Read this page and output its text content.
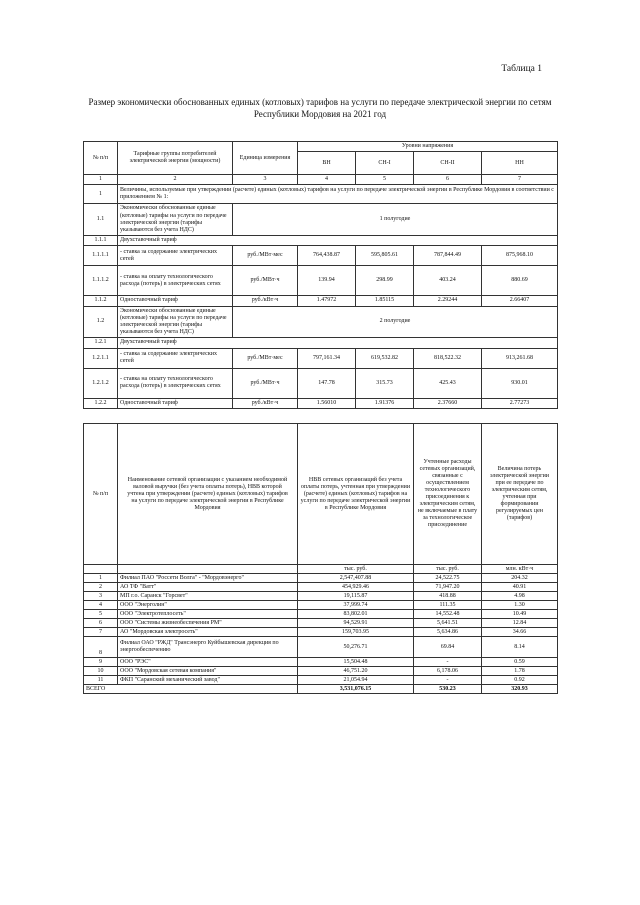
Таблица 1
Размер экономически обоснованных единых (котловых) тарифов на услуги по передаче электрической энергии по сетям Республики Мордовия на 2021 год
№ п/п	Тарифные группы потребителей электрической энергии (мощности)	Единица измерения	Уровни напряжения			
			ВН	СН-I	СН-II	НН
1	2	3	4	5	6	7
1	Величины, используемые при утверждении (расчете) единых (котловых) тарифов на услуги по передаче электрической энергии в Республике Мордовия в соответствии с приложением № 1:					
1.1	Экономически обоснованные единые (котловые) тарифы на услуги по передаче электрической энергии (тарифы указываются без учета НДС)	1 полугодие				
1.1.1	Двухставочный тариф					
1.1.1.1	- ставка за содержание электрических сетей	руб./МВт·мес	764,438.87	595,805.61	787,844.49	875,968.10
1.1.1.2	- ставка на оплату технологического расхода (потерь) в электрических сетях	руб./МВт·ч	139.94	298.99	403.24	880.69
1.1.2	Одноставочный тариф	руб./кВт·ч	1.47972	1.85115	2.29244	2.66407
1.2	Экономически обоснованные единые (котловые) тарифы на услуги по передаче электрической энергии (тарифы указываются без учета НДС)	2 полугодие				
1.2.1	Двухставочный тариф					
1.2.1.1	- ставка за содержание электрических сетей	руб./МВт·мес	797,161.34	619,532.82	818,522.32	913,261.68
1.2.1.2	- ставка на оплату технологического расхода (потерь) в электрических сетях	руб./МВт·ч	147.78	315.73	425.43	930.01
1.2.2	Одноставочный тариф	руб./кВт·ч	1.56010	1.91376	2.37660	2.77273
№ п/п	Наименование сетевой организации с указанием необходимой валовой выручки (без учета оплаты потерь), НВВ которой учтена при утверждении (расчете) единых (котловых) тарифов на услуги по передаче электрической энергии в Республике Мордовия	НВВ сетевых организаций без учета оплаты потерь, учтенная при утверждении (расчете) единых (котловых) тарифов на услуги по передаче электрической энергии в Республике Мордовия	Учтенные расходы сетевых организаций, связанные с осуществлением технологического присоединения к электрическим сетям, не включаемые в плату за технологическое присоединение	Величина потерь электрической энергии при ее передаче по электрическим сетям, учтенная при формировании регулируемых цен (тарифов)
		тыс. руб.	тыс. руб.	млн. кВт·ч
1	Филиал ПАО "Россети Волга" - "Мордовэнерго"	2,547,407.88	24,522.75	204.32
2	АО ТФ "Ватт"	454,929.46	71,947.20	40.91
3	МП г.о. Саранск "Горсвет"	19,115.87	418.88	4.98
4	ООО "Энерголин"	37,999.74	111.35	1.30
5	ООО "Электротеплосеть"	83,802.01	14,552.48	10.49
6	ООО "Системы жизнеобеспечения РМ"	94,529.91	5,641.51	12.84
7	АО "Мордовская электросеть"	159,703.95	5,634.86	34.66
8	Филиал ОАО "РЖД" Трансэнерго Куйбышевская дирекция по энергообеспечению	50,276.71	69.84	8.14
9	ООО "РЭС"	15,504.48	-	0.59
10	ООО "Мордовская сетевая компания"	46,751.20	6,178.06	1.78
11	ФКП "Саранский механический завод"	21,054.94	-	0.92
ВСЕГО		3,531,076.15	530.23	320.93
